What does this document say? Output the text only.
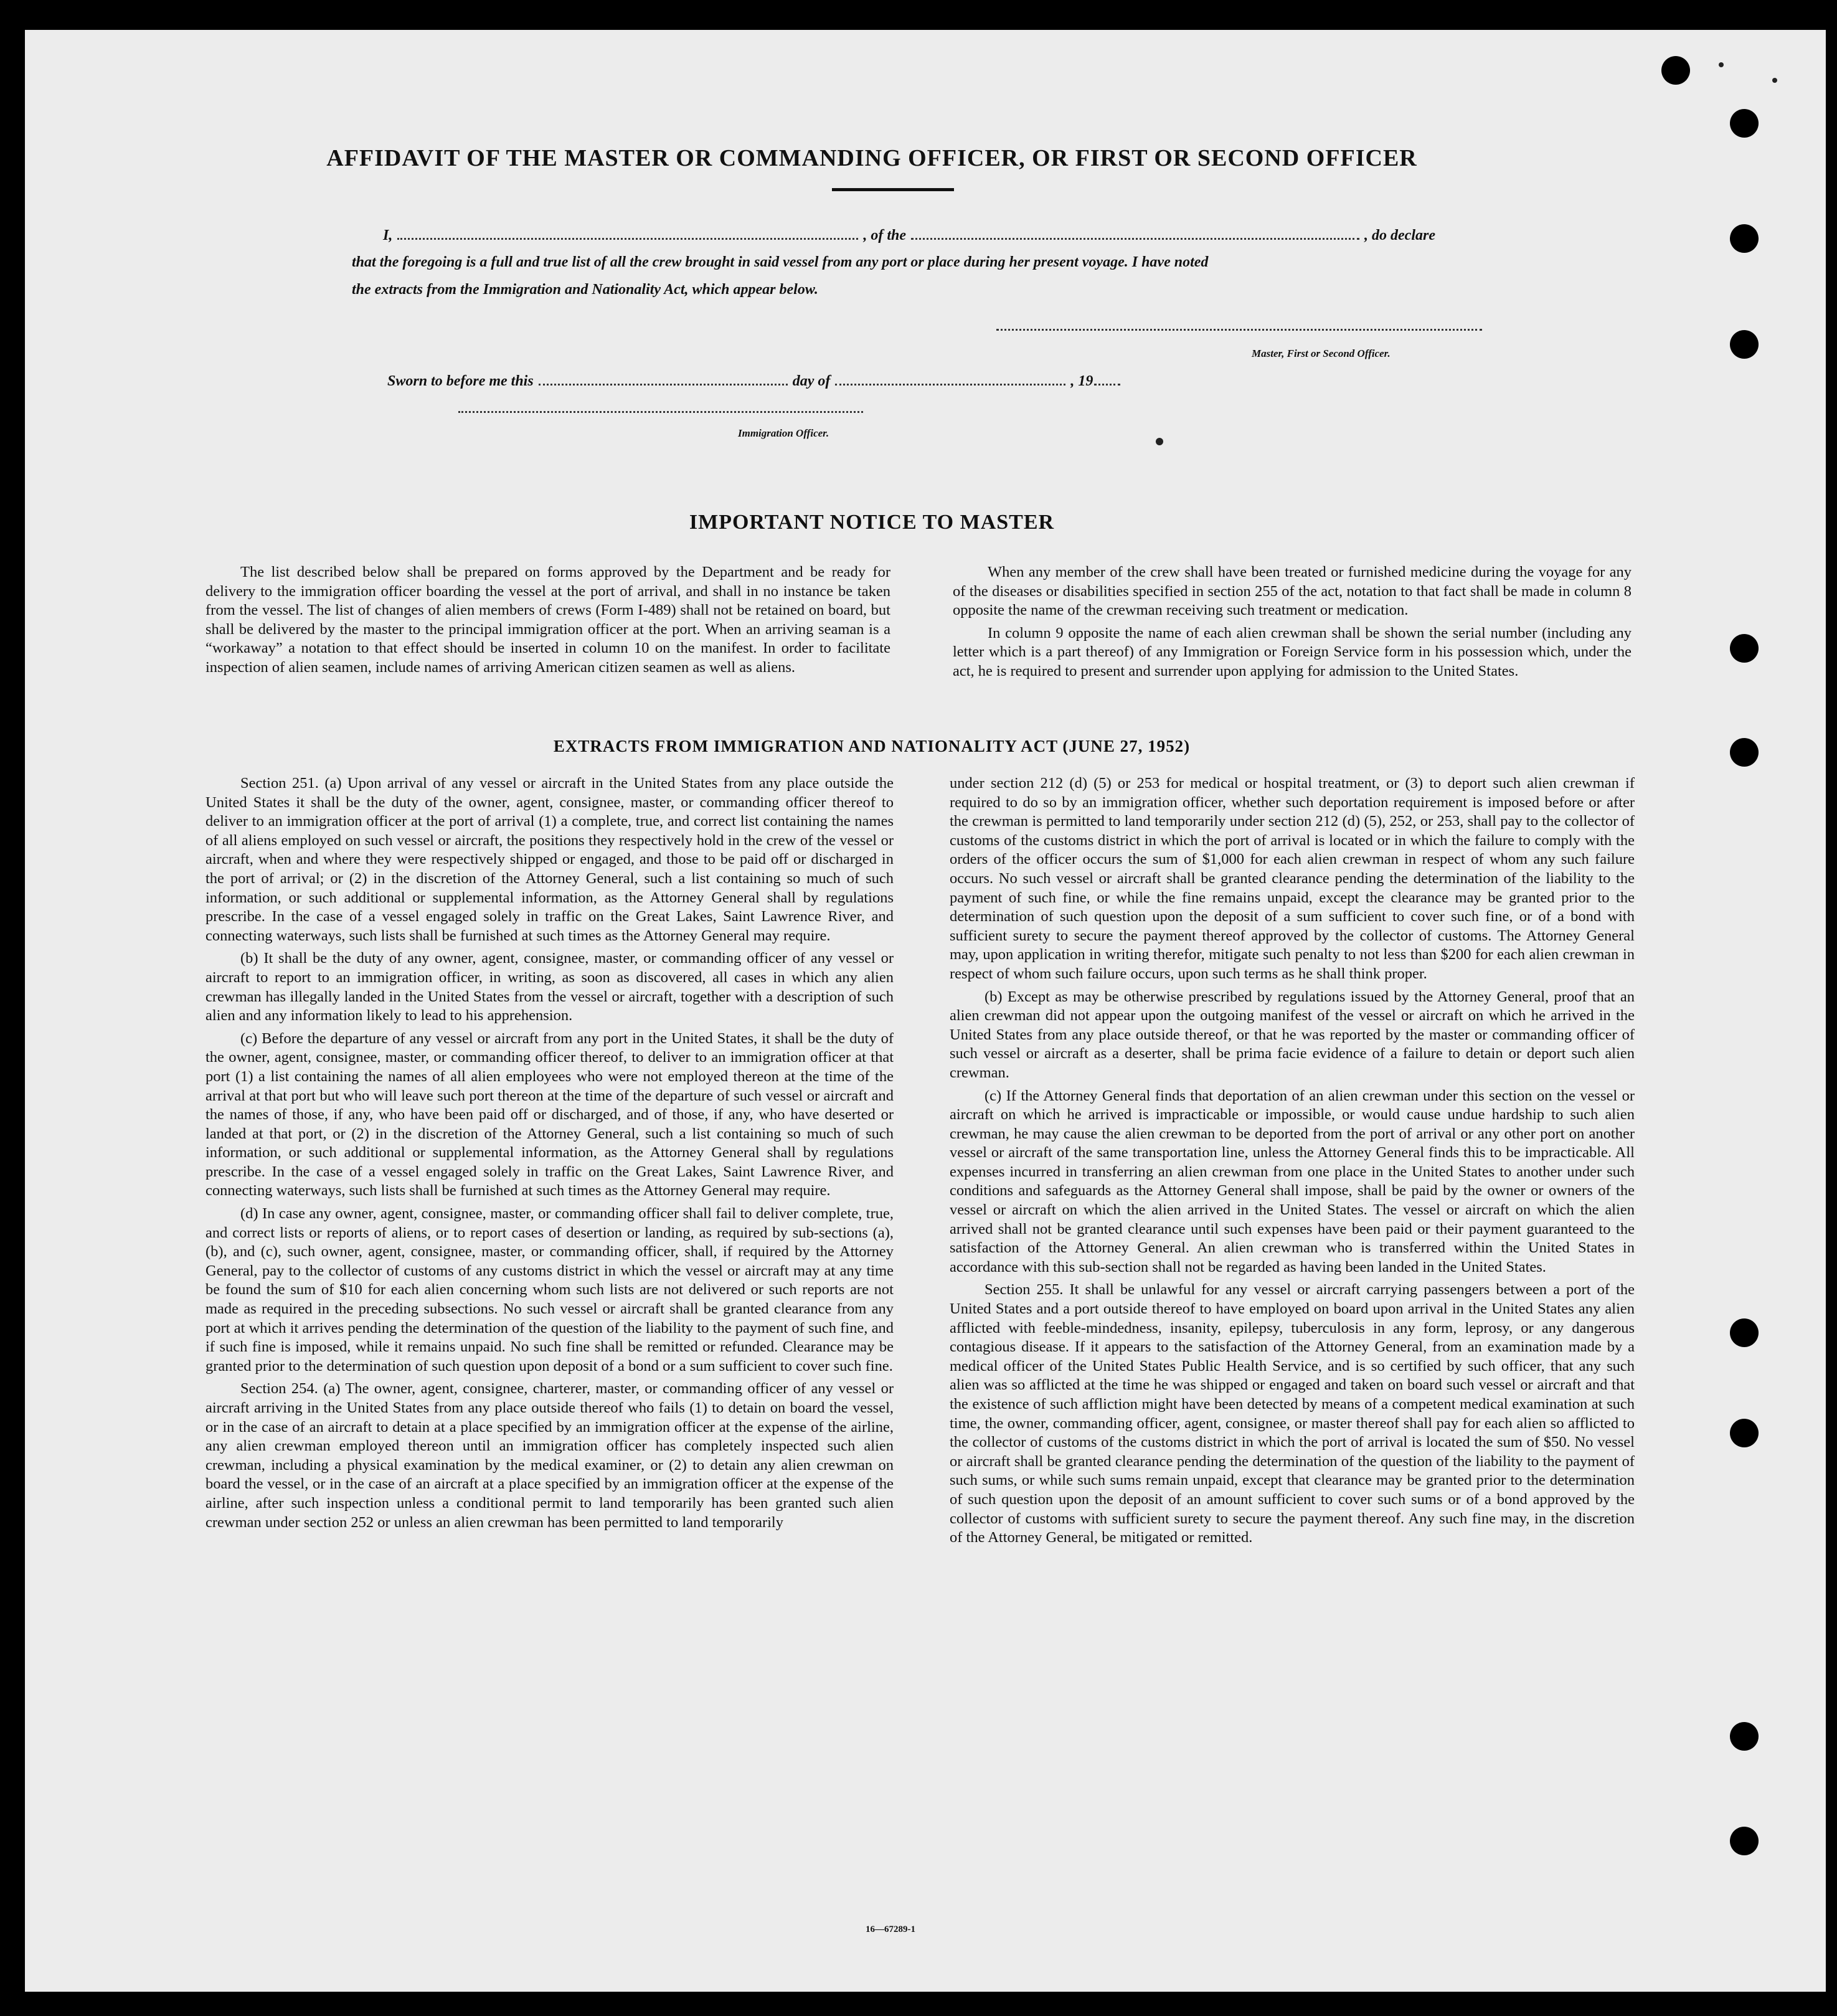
AFFIDAVIT OF THE MASTER OR COMMANDING OFFICER, OR FIRST OR SECOND OFFICER
I,	, of the	, do declare
that the foregoing is a full and true list of all the crew brought in said vessel from any port or place during her present voyage. I have noted
the extracts from the Immigration and Nationality Act, which appear below.
Master, First or Second Officer.
Sworn to before me this	day of	, 19
Immigration Officer.
IMPORTANT NOTICE TO MASTER

The list described below shall be prepared on forms approved by the Department and be ready for delivery to the immigration officer boarding the vessel at the port of arrival, and shall in no instance be taken from the vessel. The list of changes of alien members of crews (Form I-489) shall not be retained on board, but shall be delivered by the master to the principal immigration officer at the port. When an arriving seaman is a “workaway” a notation to that effect should be inserted in column 10 on the manifest. In order to facilitate inspection of alien seamen, include names of arriving American citizen seamen as well as aliens.

When any member of the crew shall have been treated or furnished medicine during the voyage for any of the diseases or disabilities specified in section 255 of the act, notation to that fact shall be made in column 8 opposite the name of the crewman receiving such treatment or medication.

In column 9 opposite the name of each alien crewman shall be shown the serial number (including any letter which is a part thereof) of any Immigration or Foreign Service form in his possession which, under the act, he is required to present and surrender upon applying for admission to the United States.

EXTRACTS FROM IMMIGRATION AND NATIONALITY ACT (JUNE 27, 1952)

Section 251. (a) Upon arrival of any vessel or aircraft in the United States from any place outside the United States it shall be the duty of the owner, agent, consignee, master, or commanding officer thereof to deliver to an immigration officer at the port of arrival (1) a complete, true, and correct list containing the names of all aliens employed on such vessel or aircraft, the positions they respectively hold in the crew of the vessel or aircraft, when and where they were respectively shipped or engaged, and those to be paid off or discharged in the port of arrival; or (2) in the discretion of the Attorney General, such a list containing so much of such information, or such additional or supplemental information, as the Attorney General shall by regulations prescribe. In the case of a vessel engaged solely in traffic on the Great Lakes, Saint Lawrence River, and connecting waterways, such lists shall be furnished at such times as the Attorney General may require.

(b) It shall be the duty of any owner, agent, consignee, master, or commanding officer of any vessel or aircraft to report to an immigration officer, in writing, as soon as discovered, all cases in which any alien crewman has illegally landed in the United States from the vessel or aircraft, together with a description of such alien and any information likely to lead to his apprehension.

(c) Before the departure of any vessel or aircraft from any port in the United States, it shall be the duty of the owner, agent, consignee, master, or commanding officer thereof, to deliver to an immigration officer at that port (1) a list containing the names of all alien employees who were not employed thereon at the time of the arrival at that port but who will leave such port thereon at the time of the departure of such vessel or aircraft and the names of those, if any, who have been paid off or discharged, and of those, if any, who have deserted or landed at that port, or (2) in the discretion of the Attorney General, such a list containing so much of such information, or such additional or supplemental information, as the Attorney General shall by regulations prescribe. In the case of a vessel engaged solely in traffic on the Great Lakes, Saint Lawrence River, and connecting waterways, such lists shall be furnished at such times as the Attorney General may require.

(d) In case any owner, agent, consignee, master, or commanding officer shall fail to deliver complete, true, and correct lists or reports of aliens, or to report cases of desertion or landing, as required by sub-sections (a), (b), and (c), such owner, agent, consignee, master, or commanding officer, shall, if required by the Attorney General, pay to the collector of customs of any customs district in which the vessel or aircraft may at any time be found the sum of $10 for each alien concerning whom such lists are not delivered or such reports are not made as required in the preceding subsections. No such vessel or aircraft shall be granted clearance from any port at which it arrives pending the determination of the question of the liability to the payment of such fine, and if such fine is imposed, while it remains unpaid. No such fine shall be remitted or refunded. Clearance may be granted prior to the determination of such question upon deposit of a bond or a sum sufficient to cover such fine.

Section 254. (a) The owner, agent, consignee, charterer, master, or commanding officer of any vessel or aircraft arriving in the United States from any place outside thereof who fails (1) to detain on board the vessel, or in the case of an aircraft to detain at a place specified by an immigration officer at the expense of the airline, any alien crewman employed thereon until an immigration officer has completely inspected such alien crewman, including a physical examination by the medical examiner, or (2) to detain any alien crewman on board the vessel, or in the case of an aircraft at a place specified by an immigration officer at the expense of the airline, after such inspection unless a conditional permit to land temporarily has been granted such alien crewman under section 252 or unless an alien crewman has been permitted to land temporarily

under section 212 (d) (5) or 253 for medical or hospital treatment, or (3) to deport such alien crewman if required to do so by an immigration officer, whether such deportation requirement is imposed before or after the crewman is permitted to land temporarily under section 212 (d) (5), 252, or 253, shall pay to the collector of customs of the customs district in which the port of arrival is located or in which the failure to comply with the orders of the officer occurs the sum of $1,000 for each alien crewman in respect of whom any such failure occurs. No such vessel or aircraft shall be granted clearance pending the determination of the liability to the payment of such fine, or while the fine remains unpaid, except the clearance may be granted prior to the determination of such question upon the deposit of a sum sufficient to cover such fine, or of a bond with sufficient surety to secure the payment thereof approved by the collector of customs. The Attorney General may, upon application in writing therefor, mitigate such penalty to not less than $200 for each alien crewman in respect of whom such failure occurs, upon such terms as he shall think proper.

(b) Except as may be otherwise prescribed by regulations issued by the Attorney General, proof that an alien crewman did not appear upon the outgoing manifest of the vessel or aircraft on which he arrived in the United States from any place outside thereof, or that he was reported by the master or commanding officer of such vessel or aircraft as a deserter, shall be prima facie evidence of a failure to detain or deport such alien crewman.

(c) If the Attorney General finds that deportation of an alien crewman under this section on the vessel or aircraft on which he arrived is impracticable or impossible, or would cause undue hardship to such alien crewman, he may cause the alien crewman to be deported from the port of arrival or any other port on another vessel or aircraft of the same transportation line, unless the Attorney General finds this to be impracticable. All expenses incurred in transferring an alien crewman from one place in the United States to another under such conditions and safeguards as the Attorney General shall impose, shall be paid by the owner or owners of the vessel or aircraft on which the alien arrived in the United States. The vessel or aircraft on which the alien arrived shall not be granted clearance until such expenses have been paid or their payment guaranteed to the satisfaction of the Attorney General. An alien crewman who is transferred within the United States in accordance with this sub-section shall not be regarded as having been landed in the United States.

Section 255. It shall be unlawful for any vessel or aircraft carrying passengers between a port of the United States and a port outside thereof to have employed on board upon arrival in the United States any alien afflicted with feeble-mindedness, insanity, epilepsy, tuberculosis in any form, leprosy, or any dangerous contagious disease. If it appears to the satisfaction of the Attorney General, from an examination made by a medical officer of the United States Public Health Service, and is so certified by such officer, that any such alien was so afflicted at the time he was shipped or engaged and taken on board such vessel or aircraft and that the existence of such affliction might have been detected by means of a competent medical examination at such time, the owner, commanding officer, agent, consignee, or master thereof shall pay for each alien so afflicted to the collector of customs of the customs district in which the port of arrival is located the sum of $50. No vessel or aircraft shall be granted clearance pending the determination of the question of the liability to the payment of such sums, or while such sums remain unpaid, except that clearance may be granted prior to the determination of such question upon the deposit of an amount sufficient to cover such sums or of a bond approved by the collector of customs with sufficient surety to secure the payment thereof. Any such fine may, in the discretion of the Attorney General, be mitigated or remitted.

16—67289-1
